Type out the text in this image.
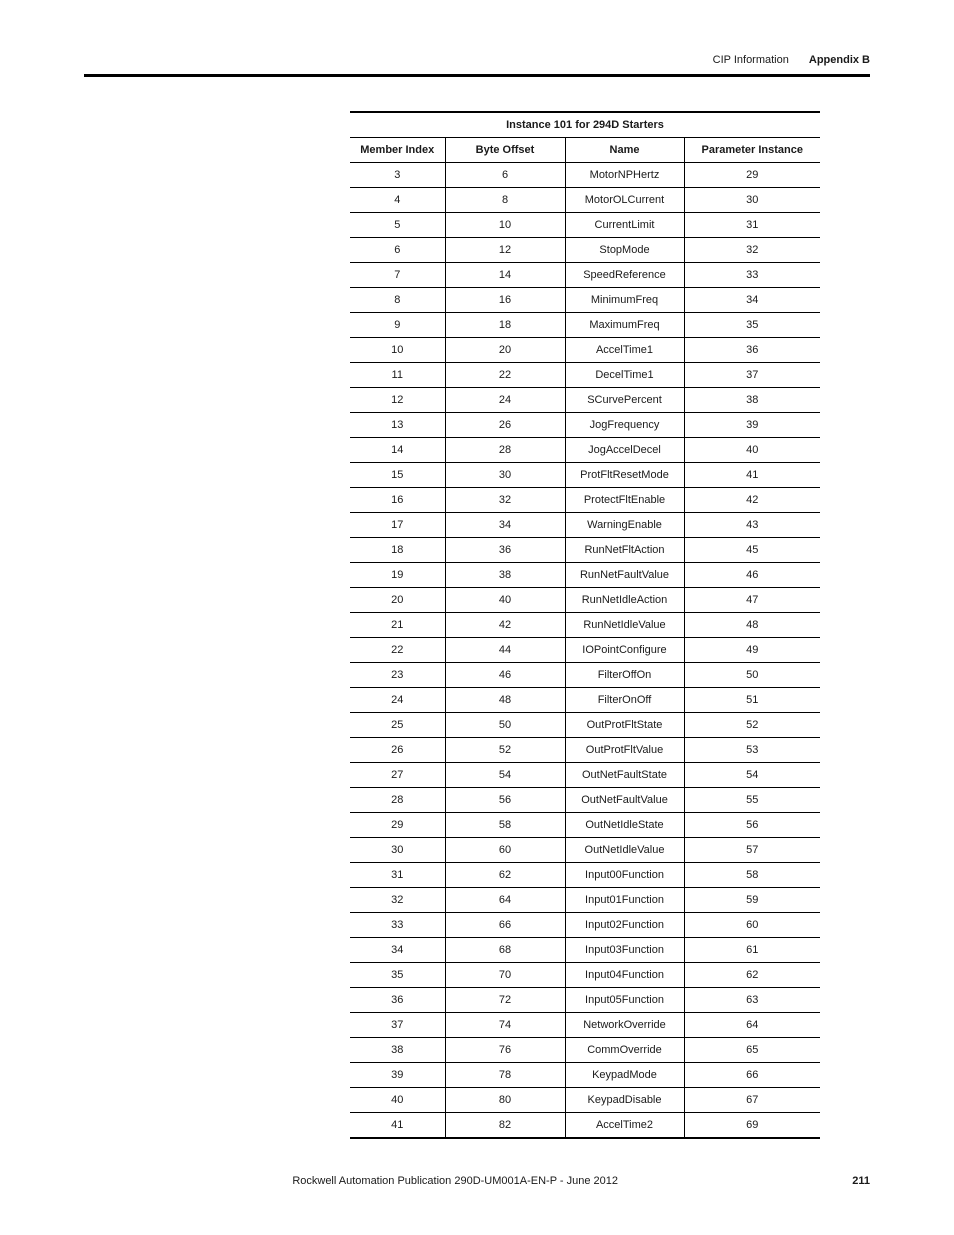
CIP Information Appendix B
Instance 101 for 294D Starters			
Member Index	Byte Offset	Name	Parameter Instance
3	6	MotorNPHertz	29
4	8	MotorOLCurrent	30
5	10	CurrentLimit	31
6	12	StopMode	32
7	14	SpeedReference	33
8	16	MinimumFreq	34
9	18	MaximumFreq	35
10	20	AccelTime1	36
11	22	DecelTime1	37
12	24	SCurvePercent	38
13	26	JogFrequency	39
14	28	JogAccelDecel	40
15	30	ProtFltResetMode	41
16	32	ProtectFltEnable	42
17	34	WarningEnable	43
18	36	RunNetFltAction	45
19	38	RunNetFaultValue	46
20	40	RunNetIdleAction	47
21	42	RunNetIdleValue	48
22	44	IOPointConfigure	49
23	46	FilterOffOn	50
24	48	FilterOnOff	51
25	50	OutProtFltState	52
26	52	OutProtFltValue	53
27	54	OutNetFaultState	54
28	56	OutNetFaultValue	55
29	58	OutNetIdleState	56
30	60	OutNetIdleValue	57
31	62	Input00Function	58
32	64	Input01Function	59
33	66	Input02Function	60
34	68	Input03Function	61
35	70	Input04Function	62
36	72	Input05Function	63
37	74	NetworkOverride	64
38	76	CommOverride	65
39	78	KeypadMode	66
40	80	KeypadDisable	67
41	82	AccelTime2	69
Rockwell Automation Publication 290D-UM001A-EN-P - June 2012	211
